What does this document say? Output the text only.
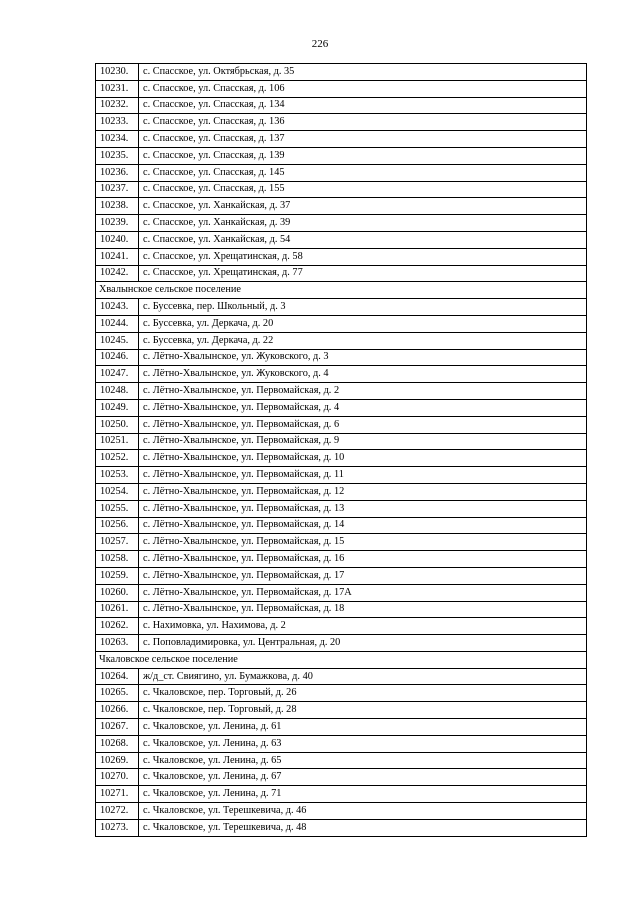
226
10230.	с. Спасское, ул. Октябрьская, д. 35
10231.	с. Спасское, ул. Спасская, д. 106
10232.	с. Спасское, ул. Спасская, д. 134
10233.	с. Спасское, ул. Спасская, д. 136
10234.	с. Спасское, ул. Спасская, д. 137
10235.	с. Спасское, ул. Спасская, д. 139
10236.	с. Спасское, ул. Спасская, д. 145
10237.	с. Спасское, ул. Спасская, д. 155
10238.	с. Спасское, ул. Ханкайская, д. 37
10239.	с. Спасское, ул. Ханкайская, д. 39
10240.	с. Спасское, ул. Ханкайская, д. 54
10241.	с. Спасское, ул. Хрещатинская, д. 58
10242.	с. Спасское, ул. Хрещатинская, д. 77
Хвалынское сельское поселение	
10243.	с. Буссевка, пер. Школьный, д. 3
10244.	с. Буссевка, ул. Деркача, д. 20
10245.	с. Буссевка, ул. Деркача, д. 22
10246.	с. Лётно-Хвалынское, ул. Жуковского, д. 3
10247.	с. Лётно-Хвалынское, ул. Жуковского, д. 4
10248.	с. Лётно-Хвалынское, ул. Первомайская, д. 2
10249.	с. Лётно-Хвалынское, ул. Первомайская, д. 4
10250.	с. Лётно-Хвалынское, ул. Первомайская, д. 6
10251.	с. Лётно-Хвалынское, ул. Первомайская, д. 9
10252.	с. Лётно-Хвалынское, ул. Первомайская, д. 10
10253.	с. Лётно-Хвалынское, ул. Первомайская, д. 11
10254.	с. Лётно-Хвалынское, ул. Первомайская, д. 12
10255.	с. Лётно-Хвалынское, ул. Первомайская, д. 13
10256.	с. Лётно-Хвалынское, ул. Первомайская, д. 14
10257.	с. Лётно-Хвалынское, ул. Первомайская, д. 15
10258.	с. Лётно-Хвалынское, ул. Первомайская, д. 16
10259.	с. Лётно-Хвалынское, ул. Первомайская, д. 17
10260.	с. Лётно-Хвалынское, ул. Первомайская, д. 17А
10261.	с. Лётно-Хвалынское, ул. Первомайская, д. 18
10262.	с. Нахимовка, ул. Нахимова, д. 2
10263.	с. Поповладимировка, ул. Центральная, д. 20
Чкаловское сельское поселение	
10264.	ж/д_ст. Свиягино, ул. Бумажкова, д. 40
10265.	с. Чкаловское, пер. Торговый, д. 26
10266.	с. Чкаловское, пер. Торговый, д. 28
10267.	с. Чкаловское, ул. Ленина, д. 61
10268.	с. Чкаловское, ул. Ленина, д. 63
10269.	с. Чкаловское, ул. Ленина, д. 65
10270.	с. Чкаловское, ул. Ленина, д. 67
10271.	с. Чкаловское, ул. Ленина, д. 71
10272.	с. Чкаловское, ул. Терешкевича, д. 46
10273.	с. Чкаловское, ул. Терешкевича, д. 48
